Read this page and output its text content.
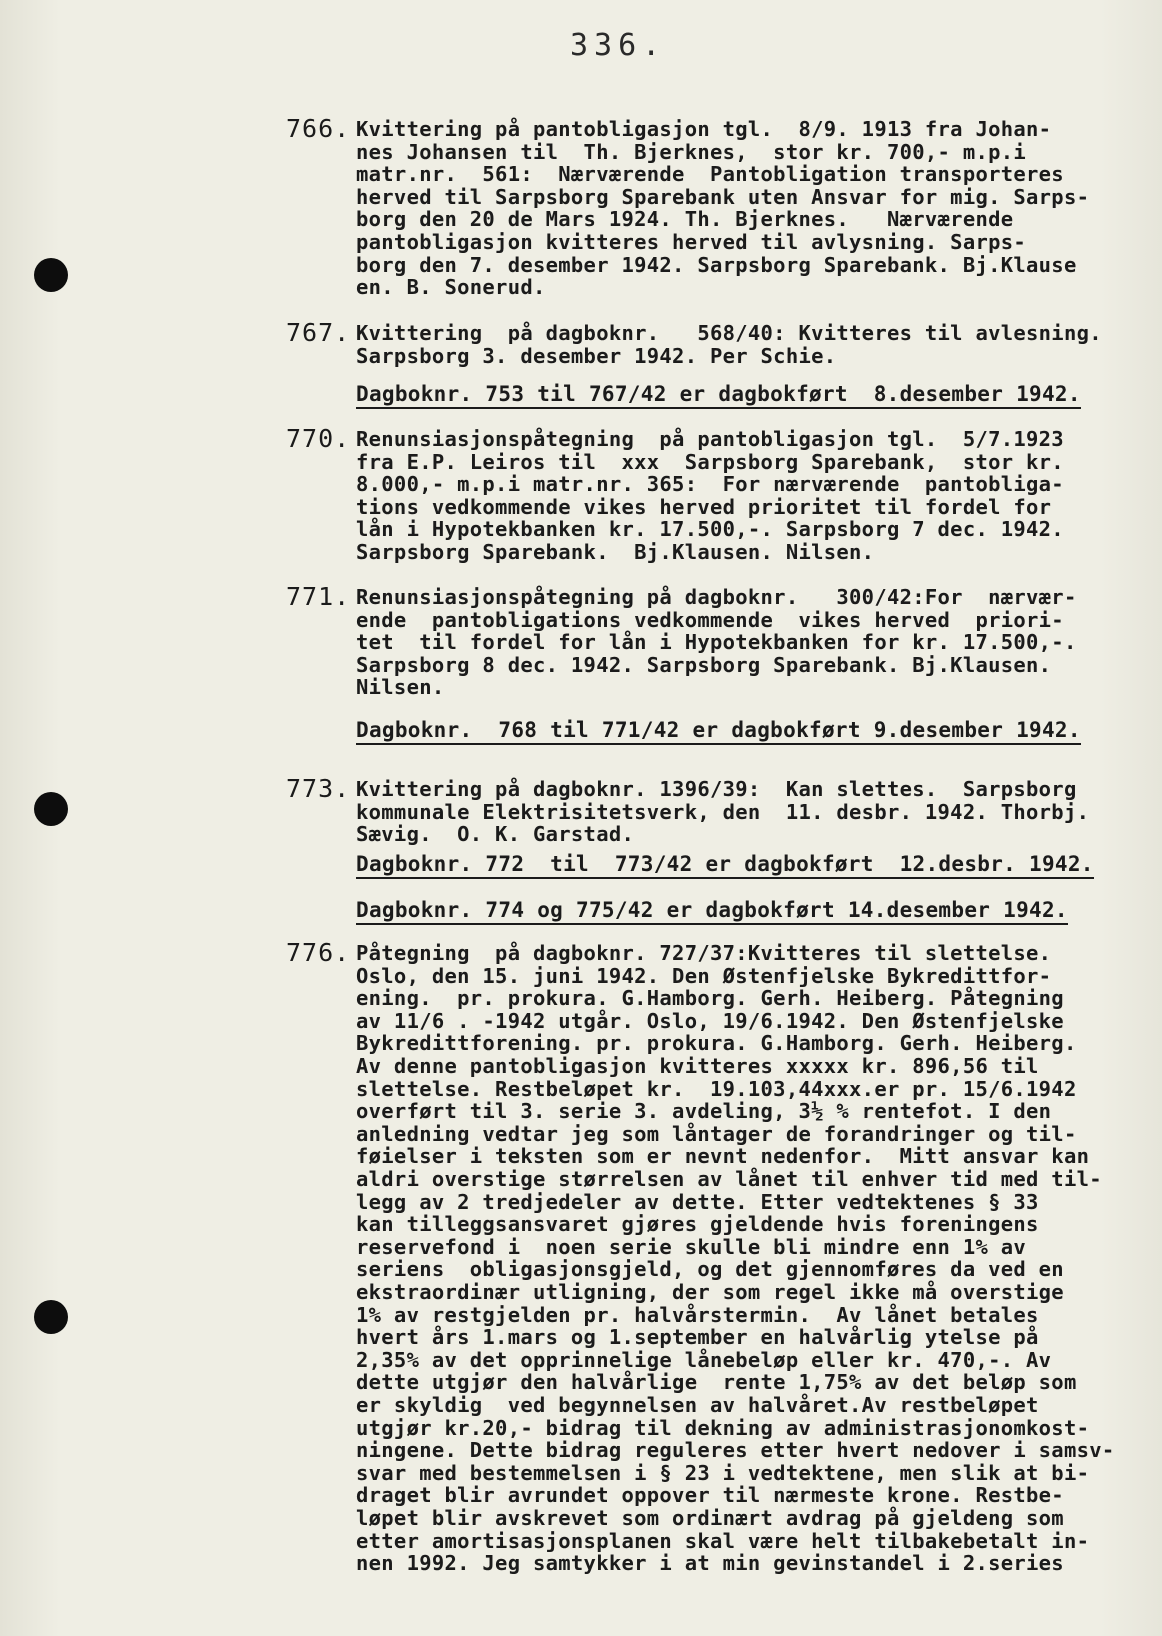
336.
766. Kvittering på pantobligasjon tgl.  8/9. 1913 fra Johan-
nes Johansen til  Th. Bjerknes,  stor kr. 700,- m.p.i
matr.nr.  561:  Nærværende  Pantobligation transporteres
herved til Sarpsborg Sparebank uten Ansvar for mig. Sarps-
borg den 20 de Mars 1924. Th. Bjerknes.   Nærværende
pantobligasjon kvitteres herved til avlysning. Sarps-
borg den 7. desember 1942. Sarpsborg Sparebank. Bj.Klause
en. B. Sonerud.
767. Kvittering  på dagboknr.   568/40: Kvitteres til avlesning.
Sarpsborg 3. desember 1942. Per Schie.
Dagboknr. 753 til 767/42 er dagbokført  8.desember 1942.
770. Renunsiasjonspåtegning  på pantobligasjon tgl.  5/7.1923
fra E.P. Leiros til  xxx  Sarpsborg Sparebank,  stor kr.
8.000,- m.p.i matr.nr. 365:  For nærværende  pantobliga-
tions vedkommende vikes herved prioritet til fordel for
lån i Hypotekbanken kr. 17.500,-. Sarpsborg 7 dec. 1942.
Sarpsborg Sparebank.  Bj.Klausen. Nilsen.
771. Renunsiasjonspåtegning på dagboknr.   300/42:For  nærvær-
ende  pantobligations vedkommende  vikes herved  priori-
tet  til fordel for lån i Hypotekbanken for kr. 17.500,-.
Sarpsborg 8 dec. 1942. Sarpsborg Sparebank. Bj.Klausen.
Nilsen.
Dagboknr.  768 til 771/42 er dagbokført 9.desember 1942.
773. Kvittering på dagboknr. 1396/39:  Kan slettes.  Sarpsborg
kommunale Elektrisitetsverk, den  11. desbr. 1942. Thorbj.
Sævig.  O. K. Garstad.
Dagboknr. 772  til  773/42 er dagbokført  12.desbr. 1942.
Dagboknr. 774 og 775/42 er dagbokført 14.desember 1942.
776. Påtegning  på dagboknr. 727/37:Kvitteres til slettelse.
Oslo, den 15. juni 1942. Den Østenfjelske Bykredittfor-
ening.  pr. prokura. G.Hamborg. Gerh. Heiberg. Påtegning
av 11/6 . -1942 utgår. Oslo, 19/6.1942. Den Østenfjelske
Bykredittforening. pr. prokura. G.Hamborg. Gerh. Heiberg.
Av denne pantobligasjon kvitteres xxxxx kr. 896,56 til
slettelse. Restbeløpet kr.  19.103,44xxx.er pr. 15/6.1942
overført til 3. serie 3. avdeling, 3½ % rentefot. I den
anledning vedtar jeg som låntager de forandringer og til-
føielser i teksten som er nevnt nedenfor.  Mitt ansvar kan
aldri overstige størrelsen av lånet til enhver tid med til-
legg av 2 tredjedeler av dette. Etter vedtektenes § 33
kan tilleggsansvaret gjøres gjeldende hvis foreningens
reservefond i  noen serie skulle bli mindre enn 1% av
seriens  obligasjonsgjeld, og det gjennomføres da ved en
ekstraordinær utligning, der som regel ikke må overstige
1% av restgjelden pr. halvårstermin.  Av lånet betales
hvert års 1.mars og 1.september en halvårlig ytelse på
2,35% av det opprinnelige lånebeløp eller kr. 470,-. Av
dette utgjør den halvårlige  rente 1,75% av det beløp som
er skyldig  ved begynnelsen av halvåret.Av restbeløpet
utgjør kr.20,- bidrag til dekning av administrasjonomkost-
ningene. Dette bidrag reguleres etter hvert nedover i samsv-
svar med bestemmelsen i § 23 i vedtektene, men slik at bi-
draget blir avrundet oppover til nærmeste krone. Restbe-
løpet blir avskrevet som ordinært avdrag på gjeldeng som
etter amortisasjonsplanen skal være helt tilbakebetalt in-
nen 1992. Jeg samtykker i at min gevinstandel i 2.series
